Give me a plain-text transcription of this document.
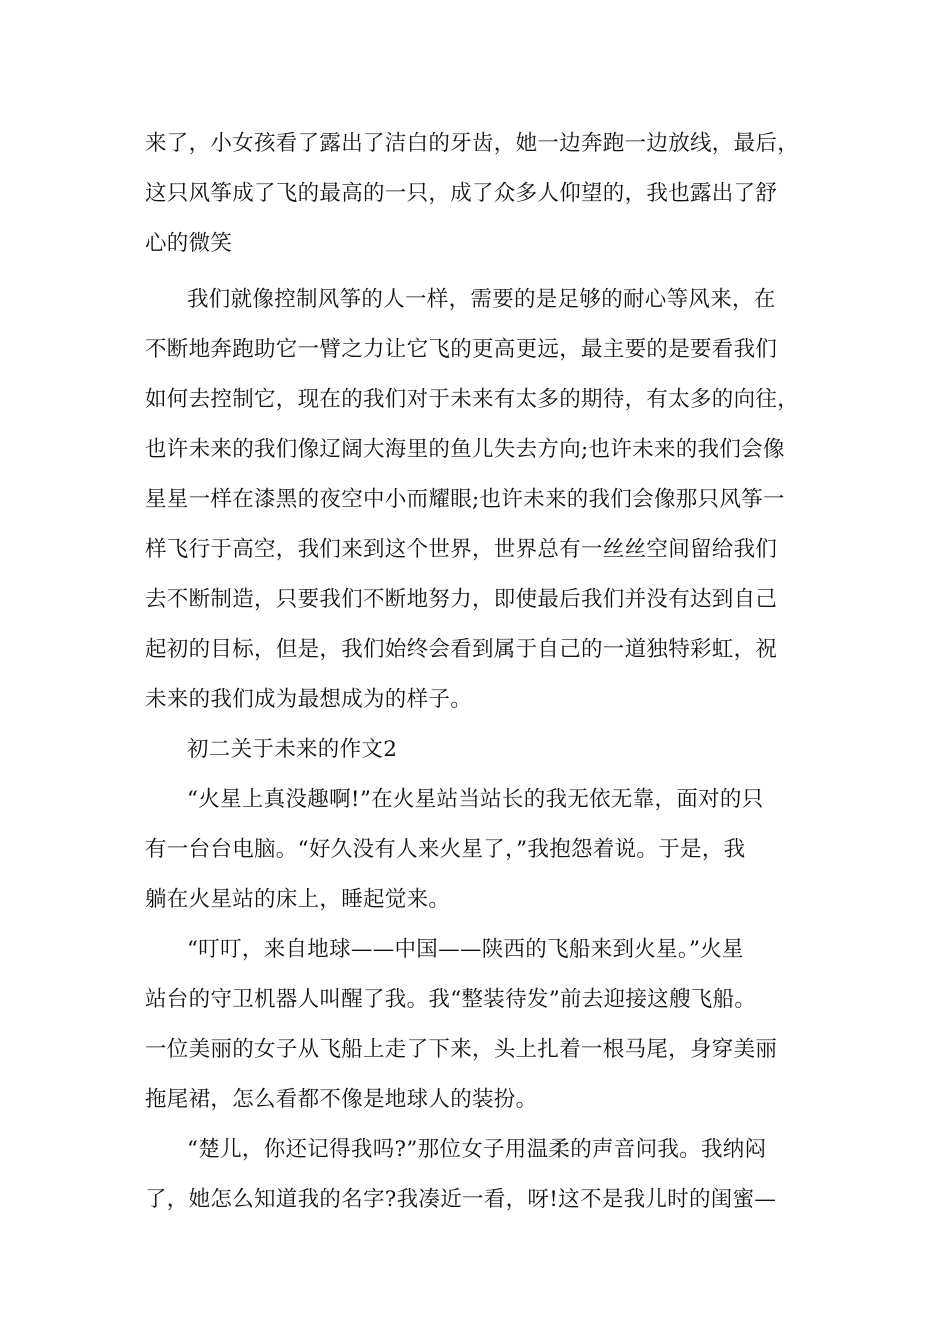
来了，小女孩看了露出了洁白的牙齿，她一边奔跑一边放线，最后，
这只风筝成了飞的最高的一只，成了众多人仰望的，我也露出了舒
心的微笑
我们就像控制风筝的人一样，需要的是足够的耐心等风来，在
不断地奔跑助它一臂之力让它飞的更高更远，最主要的是要看我们
如何去控制它，现在的我们对于未来有太多的期待，有太多的向往，
也许未来的我们像辽阔大海里的鱼儿失去方向;也许未来的我们会像
星星一样在漆黑的夜空中小而耀眼;也许未来的我们会像那只风筝一
样飞行于高空，我们来到这个世界，世界总有一丝丝空间留给我们
去不断制造，只要我们不断地努力，即使最后我们并没有达到自己
起初的目标，但是，我们始终会看到属于自己的一道独特彩虹，祝
未来的我们成为最想成为的样子。
初二关于未来的作文2
“火星上真没趣啊!”在火星站当站长的我无依无靠，面对的只
有一台台电脑。“好久没有人来火星了，”我抱怨着说。于是，我
躺在火星站的床上，睡起觉来。
“叮叮，来自地球——中国——陕西的飞船来到火星。”火星
站台的守卫机器人叫醒了我。我“整装待发”前去迎接这艘飞船。
一位美丽的女子从飞船上走了下来，头上扎着一根马尾，身穿美丽
拖尾裙，怎么看都不像是地球人的装扮。
“楚儿，你还记得我吗?”那位女子用温柔的声音问我。我纳闷
了，她怎么知道我的名字?我凑近一看，呀!这不是我儿时的闺蜜—
